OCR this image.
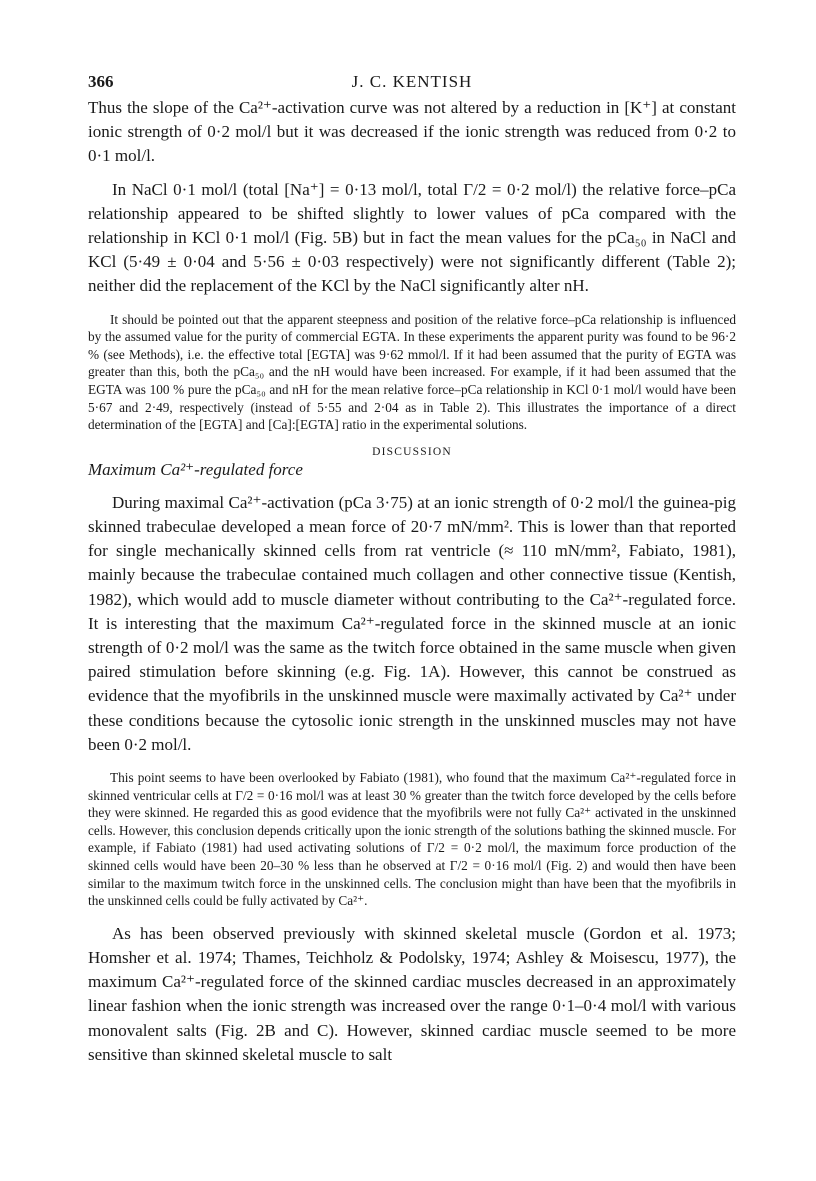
366	J. C. KENTISH

Thus the slope of the Ca²⁺-activation curve was not altered by a reduction in [K⁺] at constant ionic strength of 0·2 mol/l but it was decreased if the ionic strength was reduced from 0·2 to 0·1 mol/l.

In NaCl 0·1 mol/l (total [Na⁺] = 0·13 mol/l, total Γ/2 = 0·2 mol/l) the relative force–pCa relationship appeared to be shifted slightly to lower values of pCa compared with the relationship in KCl 0·1 mol/l (Fig. 5B) but in fact the mean values for the pCa₅₀ in NaCl and KCl (5·49 ± 0·04 and 5·56 ± 0·03 respectively) were not significantly different (Table 2); neither did the replacement of the KCl by the NaCl significantly alter nH.

It should be pointed out that the apparent steepness and position of the relative force–pCa relationship is influenced by the assumed value for the purity of commercial EGTA. In these experiments the apparent purity was found to be 96·2 % (see Methods), i.e. the effective total [EGTA] was 9·62 mmol/l. If it had been assumed that the purity of EGTA was greater than this, both the pCa₅₀ and the nH would have been increased. For example, if it had been assumed that the EGTA was 100 % pure the pCa₅₀ and nH for the mean relative force–pCa relationship in KCl 0·1 mol/l would have been 5·67 and 2·49, respectively (instead of 5·55 and 2·04 as in Table 2). This illustrates the importance of a direct determination of the [EGTA] and [Ca]:[EGTA] ratio in the experimental solutions.

DISCUSSION

Maximum Ca²⁺-regulated force

During maximal Ca²⁺-activation (pCa 3·75) at an ionic strength of 0·2 mol/l the guinea-pig skinned trabeculae developed a mean force of 20·7 mN/mm². This is lower than that reported for single mechanically skinned cells from rat ventricle (≈ 110 mN/mm², Fabiato, 1981), mainly because the trabeculae contained much collagen and other connective tissue (Kentish, 1982), which would add to muscle diameter without contributing to the Ca²⁺-regulated force. It is interesting that the maximum Ca²⁺-regulated force in the skinned muscle at an ionic strength of 0·2 mol/l was the same as the twitch force obtained in the same muscle when given paired stimulation before skinning (e.g. Fig. 1A). However, this cannot be construed as evidence that the myofibrils in the unskinned muscle were maximally activated by Ca²⁺ under these conditions because the cytosolic ionic strength in the unskinned muscles may not have been 0·2 mol/l.

This point seems to have been overlooked by Fabiato (1981), who found that the maximum Ca²⁺-regulated force in skinned ventricular cells at Γ/2 = 0·16 mol/l was at least 30 % greater than the twitch force developed by the cells before they were skinned. He regarded this as good evidence that the myofibrils were not fully Ca²⁺ activated in the unskinned cells. However, this conclusion depends critically upon the ionic strength of the solutions bathing the skinned muscle. For example, if Fabiato (1981) had used activating solutions of Γ/2 = 0·2 mol/l, the maximum force production of the skinned cells would have been 20–30 % less than he observed at Γ/2 = 0·16 mol/l (Fig. 2) and would then have been similar to the maximum twitch force in the unskinned cells. The conclusion might than have been that the myofibrils in the unskinned cells could be fully activated by Ca²⁺.

As has been observed previously with skinned skeletal muscle (Gordon et al. 1973; Homsher et al. 1974; Thames, Teichholz & Podolsky, 1974; Ashley & Moisescu, 1977), the maximum Ca²⁺-regulated force of the skinned cardiac muscles decreased in an approximately linear fashion when the ionic strength was increased over the range 0·1–0·4 mol/l with various monovalent salts (Fig. 2B and C). However, skinned cardiac muscle seemed to be more sensitive than skinned skeletal muscle to salt
